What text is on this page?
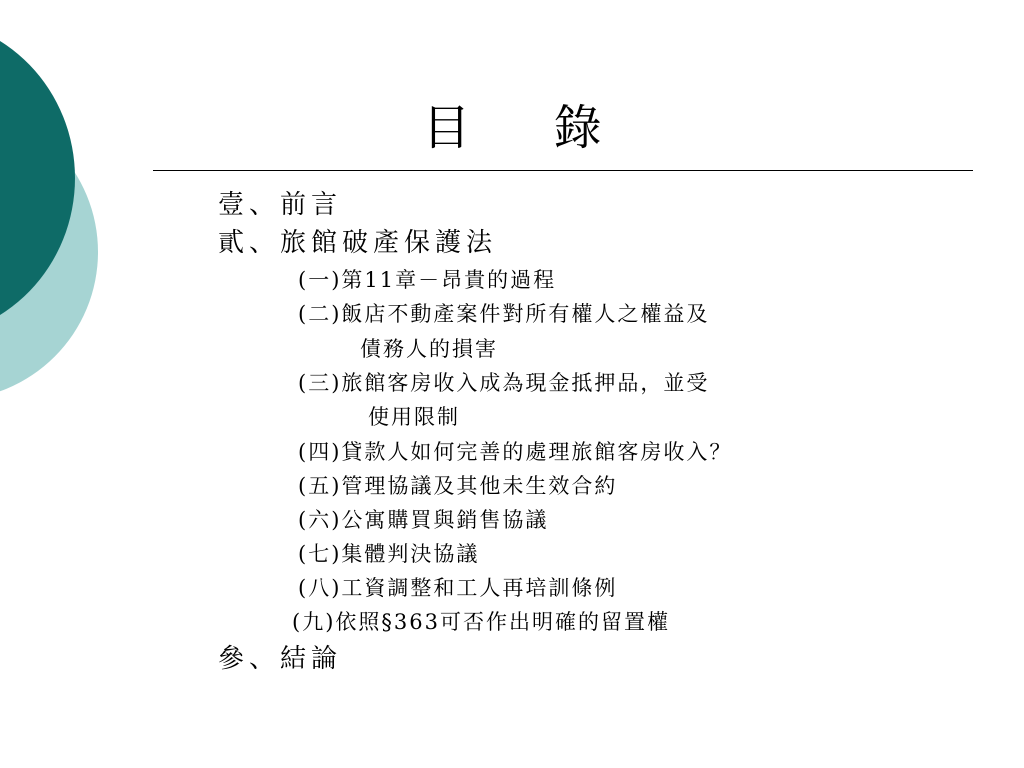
目 錄

壹、前言

貳、旅館破產保護法

(一)第11章－昂貴的過程

(二)飯店不動產案件對所有權人之權益及

債務人的損害

(三)旅館客房收入成為現金抵押品，並受

使用限制

(四)貸款人如何完善的處理旅館客房收入？

(五)管理協議及其他未生效合約

(六)公寓購買與銷售協議

(七)集體判決協議

(八)工資調整和工人再培訓條例

(九)依照§363可否作出明確的留置權

參、結論
